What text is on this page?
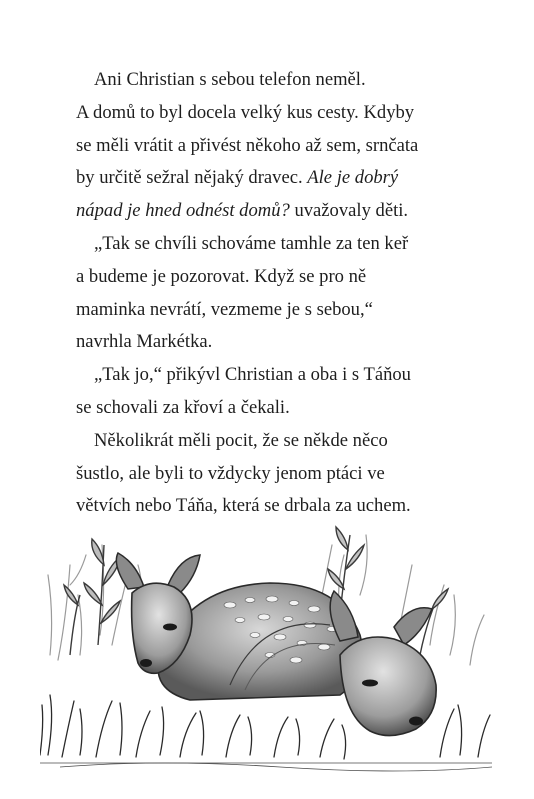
Ani Christian s sebou telefon neměl.
A domů to byl docela velký kus cesty. Kdyby
se měli vrátit a přivést někoho až sem, srnčata
by určitě sežral nějaký dravec. Ale je dobrý
nápad je hned odnést domů? uvažovaly děti.
„Tak se chvíli schováme tamhle za ten keř
a budeme je pozorovat. Když se pro ně
maminka nevrátí, vezmeme je s sebou,“
navrhla Markétka.
„Tak jo,“ přikývl Christian a oba i s Táňou
se schovali za křoví a čekali.
Několikrát měli pocit, že se někde něco
šustlo, ale byli to vždycky jenom ptáci ve
větvích nebo Táňa, která se drbala za uchem.
